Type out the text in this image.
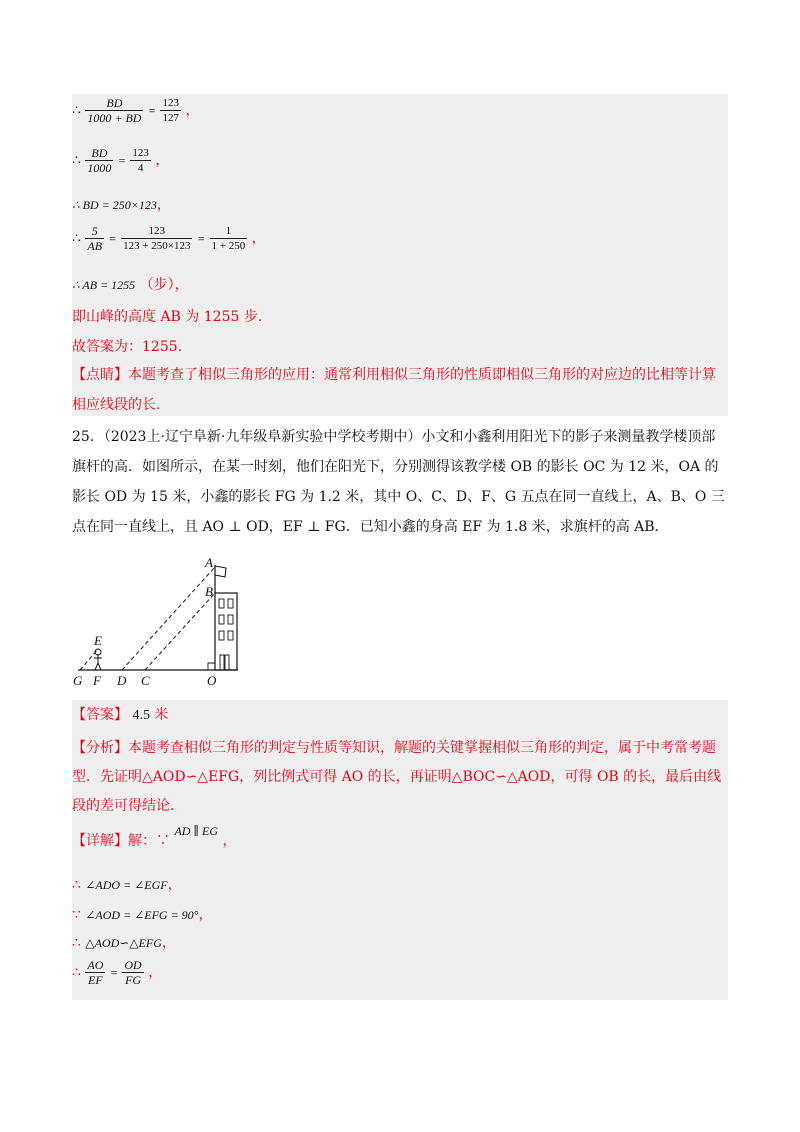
∴ $\frac{BD}{1000 + BD} = \frac{123}{127}$ ，
∴ $\frac{BD}{1000} = \frac{123}{4}$ ，
∴ BD = 250×123，
∴ $\frac{5}{AB} = \frac{123}{123 + 250\times 123} = \frac{1}{1 + 250}$ ，
∴ AB = 1255 （步），
即山峰的高度 AB 为 1255 步.
故答案为：1255.
【点睛】本题考查了相似三角形的应用：通常利用相似三角形的性质即相似三角形的对应边的比相等计算相应线段的长.
25．（2023上·辽宁阜新·九年级阜新实验中学校考期中）小文和小鑫利用阳光下的影子来测量教学楼顶部旗杆的高．如图所示，在某一时刻，他们在阳光下，分别测得该教学楼 OB 的影长 OC 为 12 米，OA 的影长 OD 为 15 米，小鑫的影长 FG 为 1.2 米，其中 O、C、D、F、G 五点在同一直线上，A、B、O 三点在同一直线上，且 AO ⊥ OD，EF ⊥ FG．已知小鑫的身高 EF 为 1.8 米，求旗杆的高 AB．
A
B
E
G F D C	O
【答案】 4.5 米
【分析】本题考查相似三角形的判定与性质等知识，解题的关键掌握相似三角形的判定，属于中考常考题型．先证明△AOD∽△EFG，列比例式可得 AO 的长，再证明△BOC∽△AOD，可得 OB 的长，最后由线段的差可得结论．
【详解】解：∵ AD ∥ EG ，
∴ ∠ADO = ∠EGF，
∵ ∠AOD = ∠EFG = 90°，
∴ △AOD∽△EFG，
∴ $\frac{AO}{EF} = \frac{OD}{FG}$ ，
